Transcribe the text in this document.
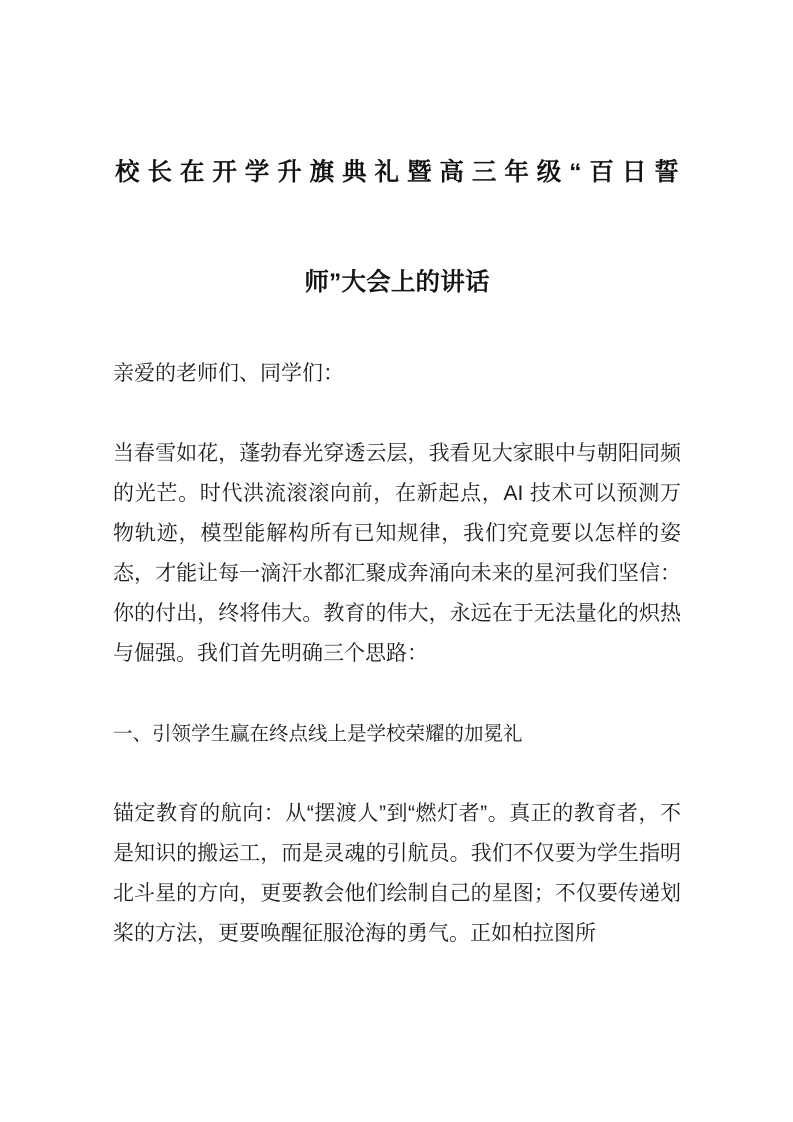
校长在开学升旗典礼暨高三年级“百日誓
师”大会上的讲话

亲爱的老师们、同学们：

当春雪如花，蓬勃春光穿透云层，我看见大家眼中与朝阳同频的光芒。时代洪流滚滚向前，在新起点，AI 技术可以预测万物轨迹，模型能解构所有已知规律，我们究竟要以怎样的姿态，才能让每一滴汗水都汇聚成奔涌向未来的星河我们坚信：你的付出，终将伟大。教育的伟大，永远在于无法量化的炽热与倔强。我们首先明确三个思路：

一、引领学生赢在终点线上是学校荣耀的加冕礼

锚定教育的航向：从“摆渡人”到“燃灯者”。真正的教育者，不是知识的搬运工，而是灵魂的引航员。我们不仅要为学生指明北斗星的方向，更要教会他们绘制自己的星图；不仅要传递划桨的方法，更要唤醒征服沧海的勇气。正如柏拉图所
